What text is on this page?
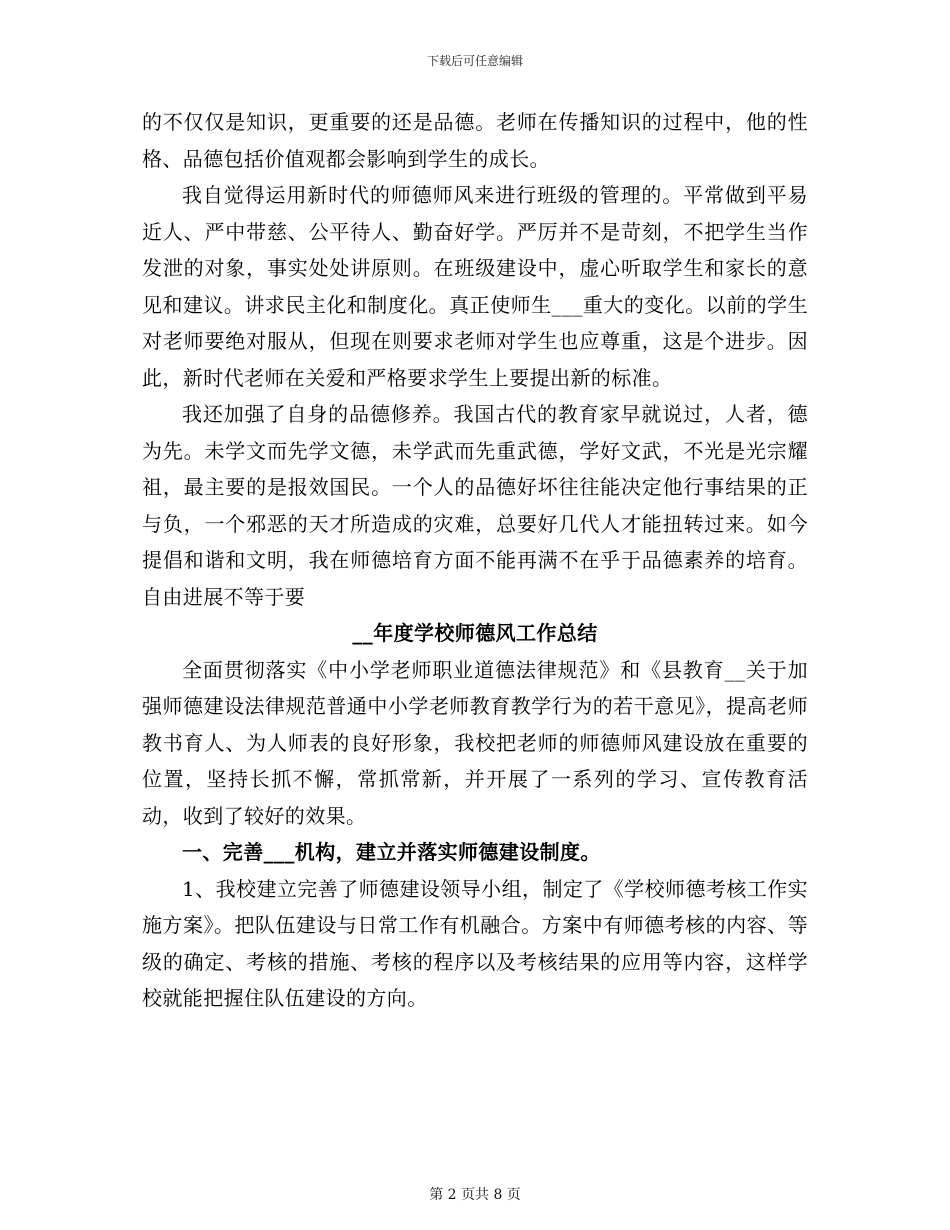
下载后可任意编辑

的不仅仅是知识，更重要的还是品德。老师在传播知识的过程中，他的性格、品德包括价值观都会影响到学生的成长。

我自觉得运用新时代的师德师风来进行班级的管理的。平常做到平易近人、严中带慈、公平待人、勤奋好学。严厉并不是苛刻，不把学生当作发泄的对象，事实处处讲原则。在班级建设中，虚心听取学生和家长的意见和建议。讲求民主化和制度化。真正使师生___重大的变化。以前的学生对老师要绝对服从，但现在则要求老师对学生也应尊重，这是个进步。因此，新时代老师在关爱和严格要求学生上要提出新的标准。

我还加强了自身的品德修养。我国古代的教育家早就说过，人者，德为先。未学文而先学文德，未学武而先重武德，学好文武，不光是光宗耀祖，最主要的是报效国民。一个人的品德好坏往往能决定他行事结果的正与负，一个邪恶的天才所造成的灾难，总要好几代人才能扭转过来。如今提倡和谐和文明，我在师德培育方面不能再满不在乎于品德素养的培育。自由进展不等于要

__年度学校师德风工作总结

全面贯彻落实《中小学老师职业道德法律规范》和《县教育__关于加强师德建设法律规范普通中小学老师教育教学行为的若干意见》，提高老师教书育人、为人师表的良好形象，我校把老师的师德师风建设放在重要的位置，坚持长抓不懈，常抓常新，并开展了一系列的学习、宣传教育活动，收到了较好的效果。

一、完善___机构，建立并落实师德建设制度。

1、我校建立完善了师德建设领导小组，制定了《学校师德考核工作实施方案》。把队伍建设与日常工作有机融合。方案中有师德考核的内容、等级的确定、考核的措施、考核的程序以及考核结果的应用等内容，这样学校就能把握住队伍建设的方向。

第 2 页共 8 页
